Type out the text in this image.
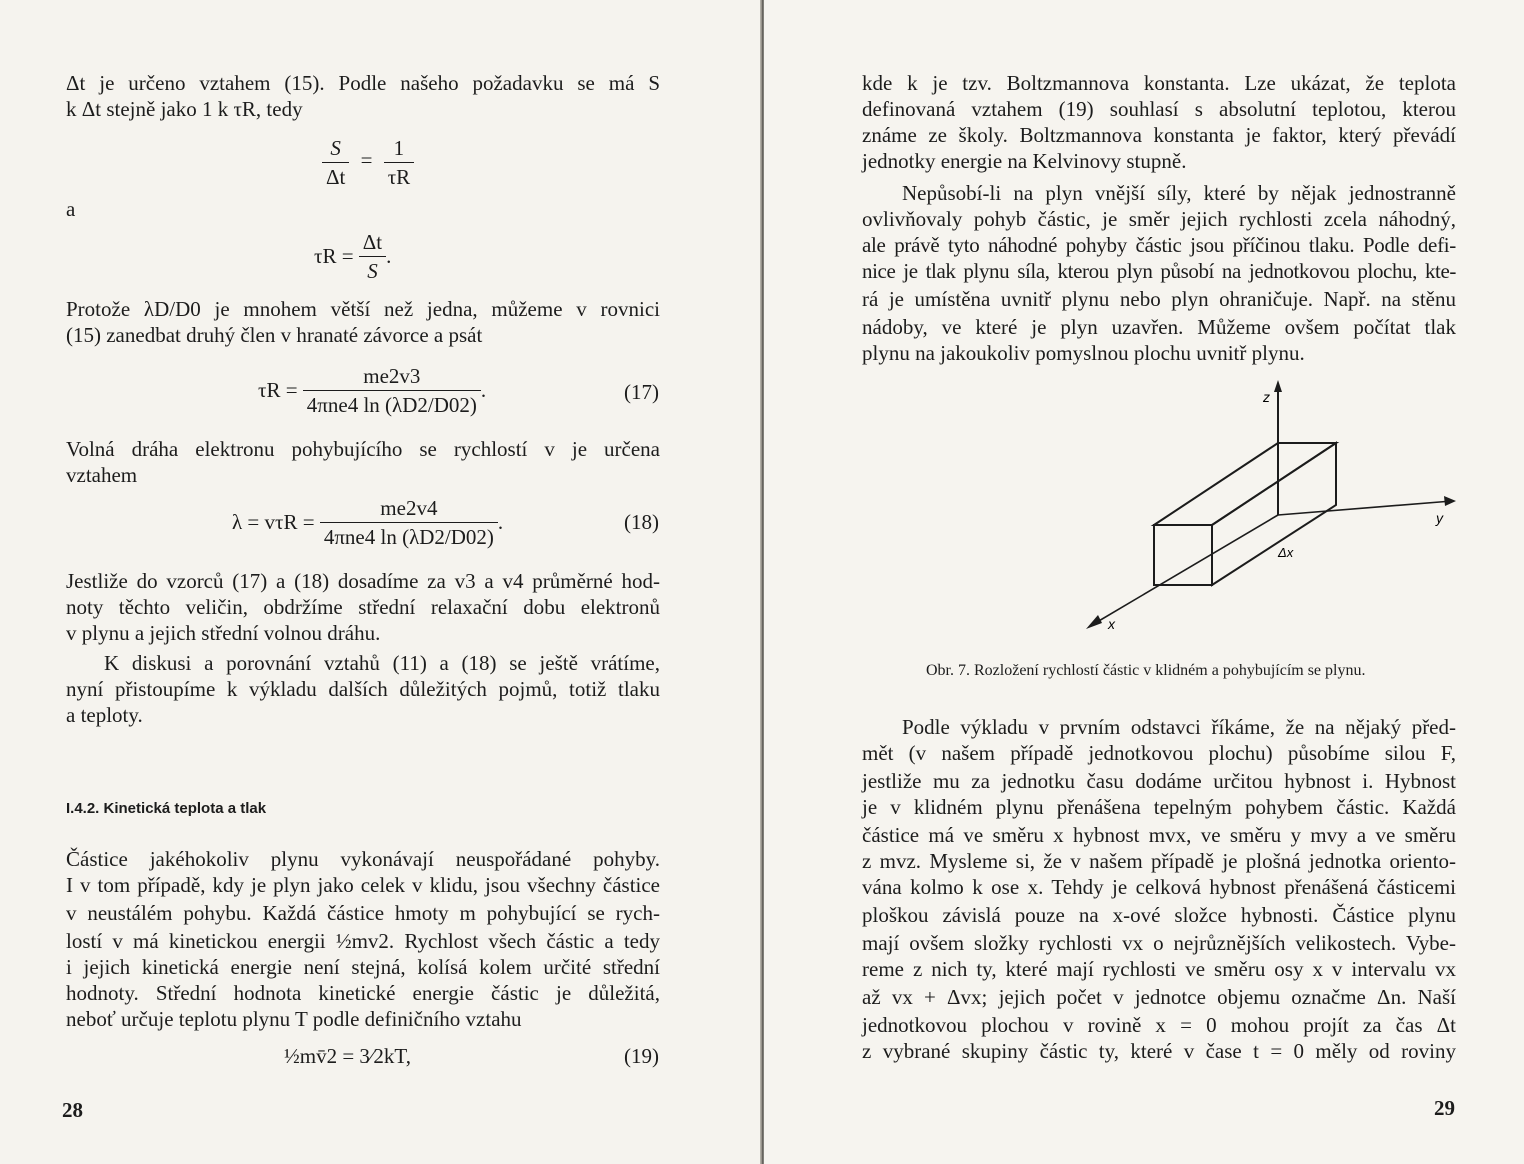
Δt je určeno vztahem (15). Podle našeho požadavku se má S
k Δt stejně jako 1 k τR, tedy
$\frac{S}{\Delta t} = \frac{1}{\tau R}$
a
$\tau R = \frac{\Delta t}{S}$ .
Protože λD/D0 je mnohem větší než jedna, můžeme v rovnici
(15) zanedbat druhý člen v hranaté závorce a psát
$\tau R = \frac{me2v3}{\text{4πne4 ln (λD2/D02)}}$ .	(17)
Volná dráha elektronu pohybujícího se rychlostí v je určena
vztahem
$\lambda = v\tau R = \frac{me2v4}{\text{4πne4 ln (λD2/D02)}}$ .	(18)
Jestliže do vzorců (17) a (18) dosadíme za v3 a v4 průměrné hod-
noty těchto veličin, obdržíme střední relaxační dobu elektronů
v plynu a jejich střední volnou dráhu.
K diskusi a porovnání vztahů (11) a (18) se ještě vrátíme,
nyní přistoupíme k výkladu dalších důležitých pojmů, totiž tlaku
a teploty.
I.4.2. Kinetická teplota a tlak
Částice jakéhokoliv plynu vykonávají neuspořádané pohyby.
I v tom případě, kdy je plyn jako celek v klidu, jsou všechny částice
v neustálém pohybu. Každá částice hmoty m pohybující se rych-
lostí v má kinetickou energii ½mv2. Rychlost všech částic a tedy
i jejich kinetická energie není stejná, kolísá kolem určité střední
hodnoty. Střední hodnota kinetické energie částic je důležitá,
neboť určuje teplotu plynu T podle definičního vztahu
½mv̄2 = 3⁄2kT,	(19)
28
kde k je tzv. Boltzmannova konstanta. Lze ukázat, že teplota
definovaná vztahem (19) souhlasí s absolutní teplotou, kterou
známe ze školy. Boltzmannova konstanta je faktor, který převádí
jednotky energie na Kelvinovy stupně.
Nepůsobí-li na plyn vnější síly, které by nějak jednostranně
ovlivňovaly pohyb částic, je směr jejich rychlosti zcela náhodný,
ale právě tyto náhodné pohyby částic jsou příčinou tlaku. Podle defi-
nice je tlak plynu síla, kterou plyn působí na jednotkovou plochu, kte-
rá je umístěna uvnitř plynu nebo plyn ohraničuje. Např. na stěnu
nádoby, ve které je plyn uzavřen. Můžeme ovšem počítat tlak
plynu na jakoukoliv pomyslnou plochu uvnitř plynu.
z
y
x
Δx
Obr. 7. Rozložení rychlostí částic v klidném a pohybujícím se plynu.
Podle výkladu v prvním odstavci říkáme, že na nějaký před-
mět (v našem případě jednotkovou plochu) působíme silou F,
jestliže mu za jednotku času dodáme určitou hybnost i. Hybnost
je v klidném plynu přenášena tepelným pohybem částic. Každá
částice má ve směru x hybnost mvx, ve směru y mvy a ve směru
z mvz. Mysleme si, že v našem případě je plošná jednotka orientο-
vána kolmo k ose x. Tehdy je celková hybnost přenášená částicemi
ploškou závislá pouze na x-ové složce hybnosti. Částice plynu
mají ovšem složky rychlosti vx o nejrůznějších velikostech. Vybe-
reme z nich ty, které mají rychlosti ve směru osy x v intervalu vx
až vx + Δvx; jejich počet v jednotce objemu označme Δn. Naší
jednotkovou plochou v rovině x = 0 mohou projít za čas Δt
z vybrané skupiny částic ty, které v čase t = 0 měly od roviny
29
